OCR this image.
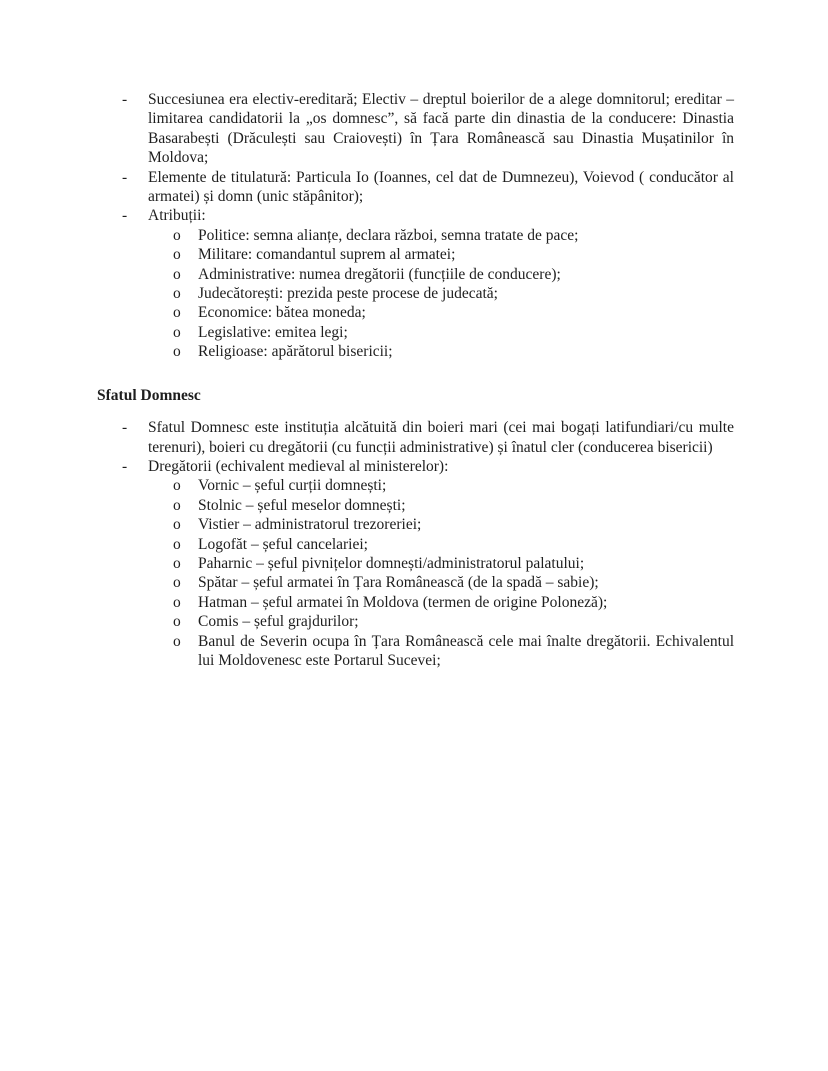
- Succesiunea era electiv-ereditară; Electiv – dreptul boierilor de a alege domnitorul; ereditar – limitarea candidatorii la „os domnesc”, să facă parte din dinastia de la conducere: Dinastia Basarabești (Drăculești sau Craiovești) în Țara Românească sau Dinastia Mușatinilor în Moldova;
- Elemente de titulatură: Particula Io (Ioannes, cel dat de Dumnezeu), Voievod ( conducător al armatei) și domn (unic stăpânitor);
- Atribuții:
o Politice: semna alianțe, declara război, semna tratate de pace;
o Militare: comandantul suprem al armatei;
o Administrative: numea dregătorii (funcțiile de conducere);
o Judecătorești: prezida peste procese de judecată;
o Economice: bătea moneda;
o Legislative: emitea legi;
o Religioase: apărătorul bisericii;
Sfatul Domnesc
- Sfatul Domnesc este instituția alcătuită din boieri mari (cei mai bogați latifundiari/cu multe terenuri), boieri cu dregătorii (cu funcții administrative) și înatul cler (conducerea bisericii)
- Dregătorii (echivalent medieval al ministerelor):
o Vornic – șeful curții domnești;
o Stolnic – șeful meselor domnești;
o Vistier – administratorul trezoreriei;
o Logofăt – șeful cancelariei;
o Paharnic – șeful pivnițelor domnești/administratorul palatului;
o Spătar – șeful armatei în Țara Românească (de la spadă – sabie);
o Hatman – șeful armatei în Moldova (termen de origine Poloneză);
o Comis – șeful grajdurilor;
o Banul de Severin ocupa în Țara Românească cele mai înalte dregătorii. Echivalentul lui Moldovenesc este Portarul Sucevei;
